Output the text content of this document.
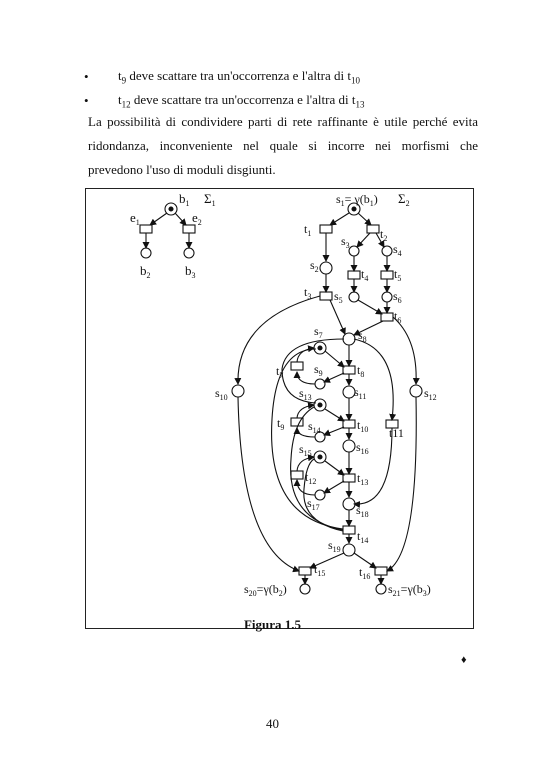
• $t_9$ deve scattare tra un'occorrenza e l'altra di $t_{10}$
• $t_{12}$ deve scattare tra un'occorrenza e l'altra di $t_{13}$
La possibilità di condividere parti di rete raffinante è utile perché evita
ridondanza, inconveniente nel quale si incorre nei morfismi che
prevedono l'uso di moduli disgiunti.
$b_1$ $\Sigma_1$
$e_1$	$e_2$
$b_2$	$b_3$
$s_1= \gamma(b_1)$ $\Sigma_2$
$t_1$	$t_2$
$s_3$	$s_4$
$s_2$	$t_4$ $t_5$
$t_3$ $s_5$	$s_6$
$t_6$
$s_7$	$s_8$
$t_7$	$s_9$	$t_8$
$s_{10}$	$s_{12}$
$s_{11}$
$s_{13}$
$t_9$ $s_{14}$	$t_{10}$ t11
$s_{15}$	$s_{16}$
$t_{12}$	$t_{13}$
$s_{17}$	$s_{18}$
$t_{14}$
$s_{19}$
$t_{15}$	$t_{16}$
$s_{20}=\gamma(b_2)$	$s_{21}=\gamma(b_3)$
Figura 1.5
♦
40
